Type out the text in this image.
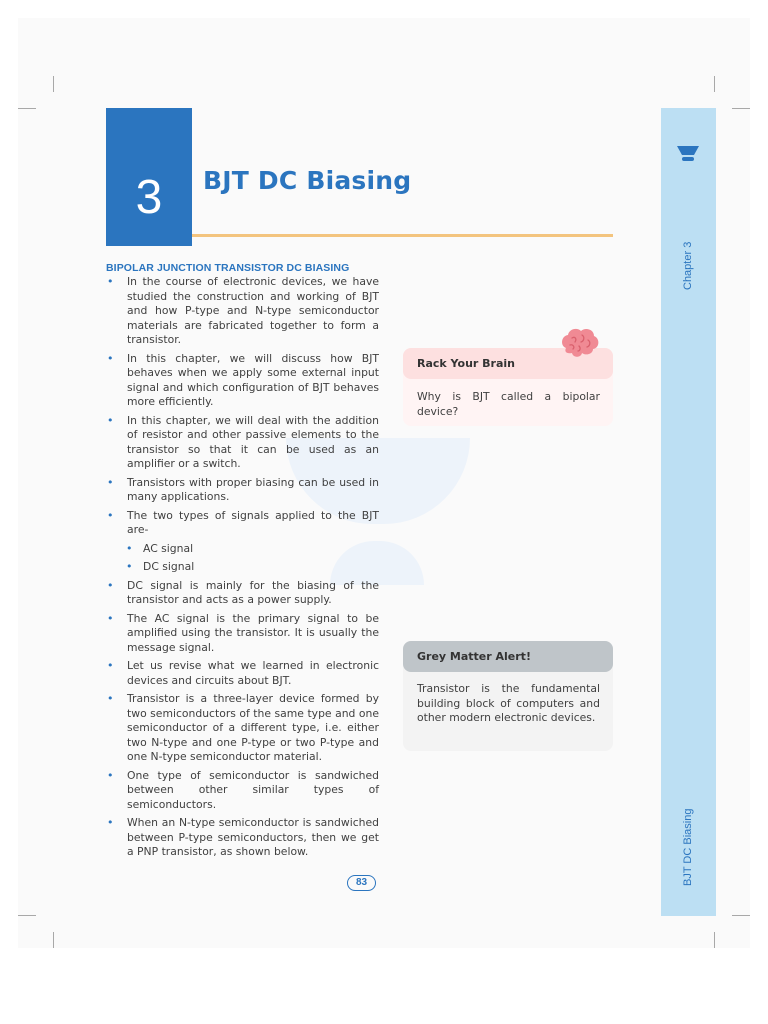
3	BJT DC Biasing
Chapter 3
BJT DC Biasing
BIPOLAR JUNCTION TRANSISTOR DC BIASING
• In the course of electronic devices, we have studied the construction and working of BJT and how P-type and N-type semiconductor materials are fabricated together to form a transistor.
• In this chapter, we will discuss how BJT behaves when we apply some external input signal and which configuration of BJT behaves more efficiently.
• In this chapter, we will deal with the addition of resistor and other passive elements to the transistor so that it can be used as an amplifier or a switch.
• Transistors with proper biasing can be used in many applications.
• The two types of signals applied to the BJT are-
• AC signal
• DC signal
• DC signal is mainly for the biasing of the transistor and acts as a power supply.
• The AC signal is the primary signal to be amplified using the transistor. It is usually the message signal.
• Let us revise what we learned in electronic devices and circuits about BJT.
• Transistor is a three-layer device formed by two semiconductors of the same type and one semiconductor of a different type, i.e. either two N-type and one P-type or two P-type and one N-type semiconductor material.
• One type of semiconductor is sandwiched between other similar types of semiconductors.
• When an N-type semiconductor is sandwiched between P-type semiconductors, then we get a PNP transistor, as shown below.
Rack Your Brain
Why is BJT called a bipolar device?
Grey Matter Alert!
Transistor is the fundamental building block of computers and other modern electronic devices.
83
